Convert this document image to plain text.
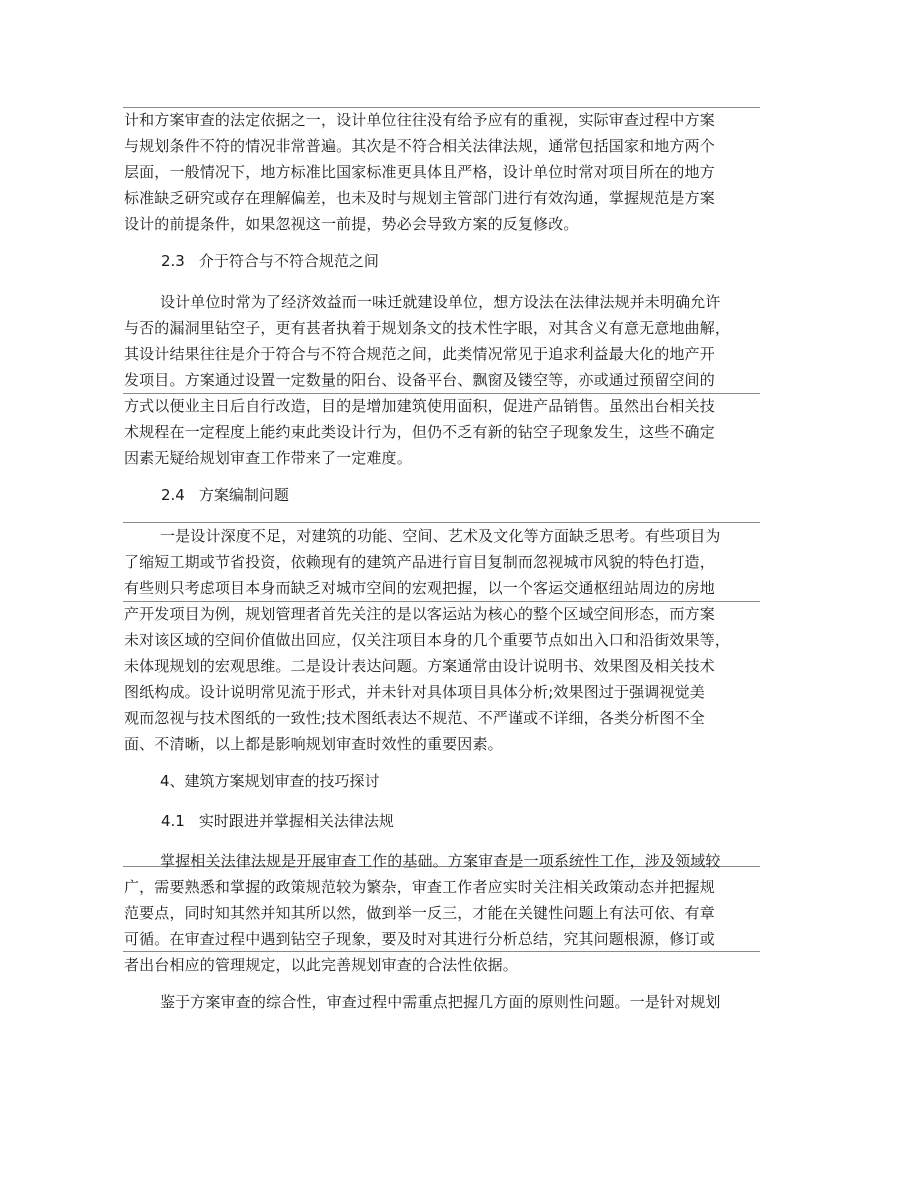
计和方案审查的法定依据之一，设计单位往往没有给予应有的重视，实际审查过程中方案
与规划条件不符的情况非常普遍。其次是不符合相关法律法规，通常包括国家和地方两个
层面，一般情况下，地方标准比国家标准更具体且严格，设计单位时常对项目所在的地方
标准缺乏研究或存在理解偏差，也未及时与规划主管部门进行有效沟通，掌握规范是方案
设计的前提条件，如果忽视这一前提，势必会导致方案的反复修改。
2.3 介于符合与不符合规范之间
设计单位时常为了经济效益而一味迁就建设单位，想方设法在法律法规并未明确允许
与否的漏洞里钻空子，更有甚者执着于规划条文的技术性字眼，对其含义有意无意地曲解，
其设计结果往往是介于符合与不符合规范之间，此类情况常见于追求利益最大化的地产开
发项目。方案通过设置一定数量的阳台、设备平台、飘窗及镂空等，亦或通过预留空间的
方式以便业主日后自行改造，目的是增加建筑使用面积，促进产品销售。虽然出台相关技
术规程在一定程度上能约束此类设计行为，但仍不乏有新的钻空子现象发生，这些不确定
因素无疑给规划审查工作带来了一定难度。
2.4 方案编制问题
一是设计深度不足，对建筑的功能、空间、艺术及文化等方面缺乏思考。有些项目为
了缩短工期或节省投资，依赖现有的建筑产品进行盲目复制而忽视城市风貌的特色打造，
有些则只考虑项目本身而缺乏对城市空间的宏观把握，以一个客运交通枢纽站周边的房地
产开发项目为例，规划管理者首先关注的是以客运站为核心的整个区域空间形态，而方案
未对该区域的空间价值做出回应，仅关注项目本身的几个重要节点如出入口和沿街效果等，
未体现规划的宏观思维。二是设计表达问题。方案通常由设计说明书、效果图及相关技术
图纸构成。设计说明常见流于形式，并未针对具体项目具体分析;效果图过于强调视觉美
观而忽视与技术图纸的一致性;技术图纸表达不规范、不严谨或不详细，各类分析图不全
面、不清晰，以上都是影响规划审查时效性的重要因素。
4、建筑方案规划审查的技巧探讨
4.1 实时跟进并掌握相关法律法规
掌握相关法律法规是开展审查工作的基础。方案审查是一项系统性工作，涉及领域较
广，需要熟悉和掌握的政策规范较为繁杂，审查工作者应实时关注相关政策动态并把握规
范要点，同时知其然并知其所以然，做到举一反三，才能在关键性问题上有法可依、有章
可循。在审查过程中遇到钻空子现象，要及时对其进行分析总结，究其问题根源，修订或
者出台相应的管理规定，以此完善规划审查的合法性依据。
鉴于方案审查的综合性，审查过程中需重点把握几方面的原则性问题。一是针对规划
